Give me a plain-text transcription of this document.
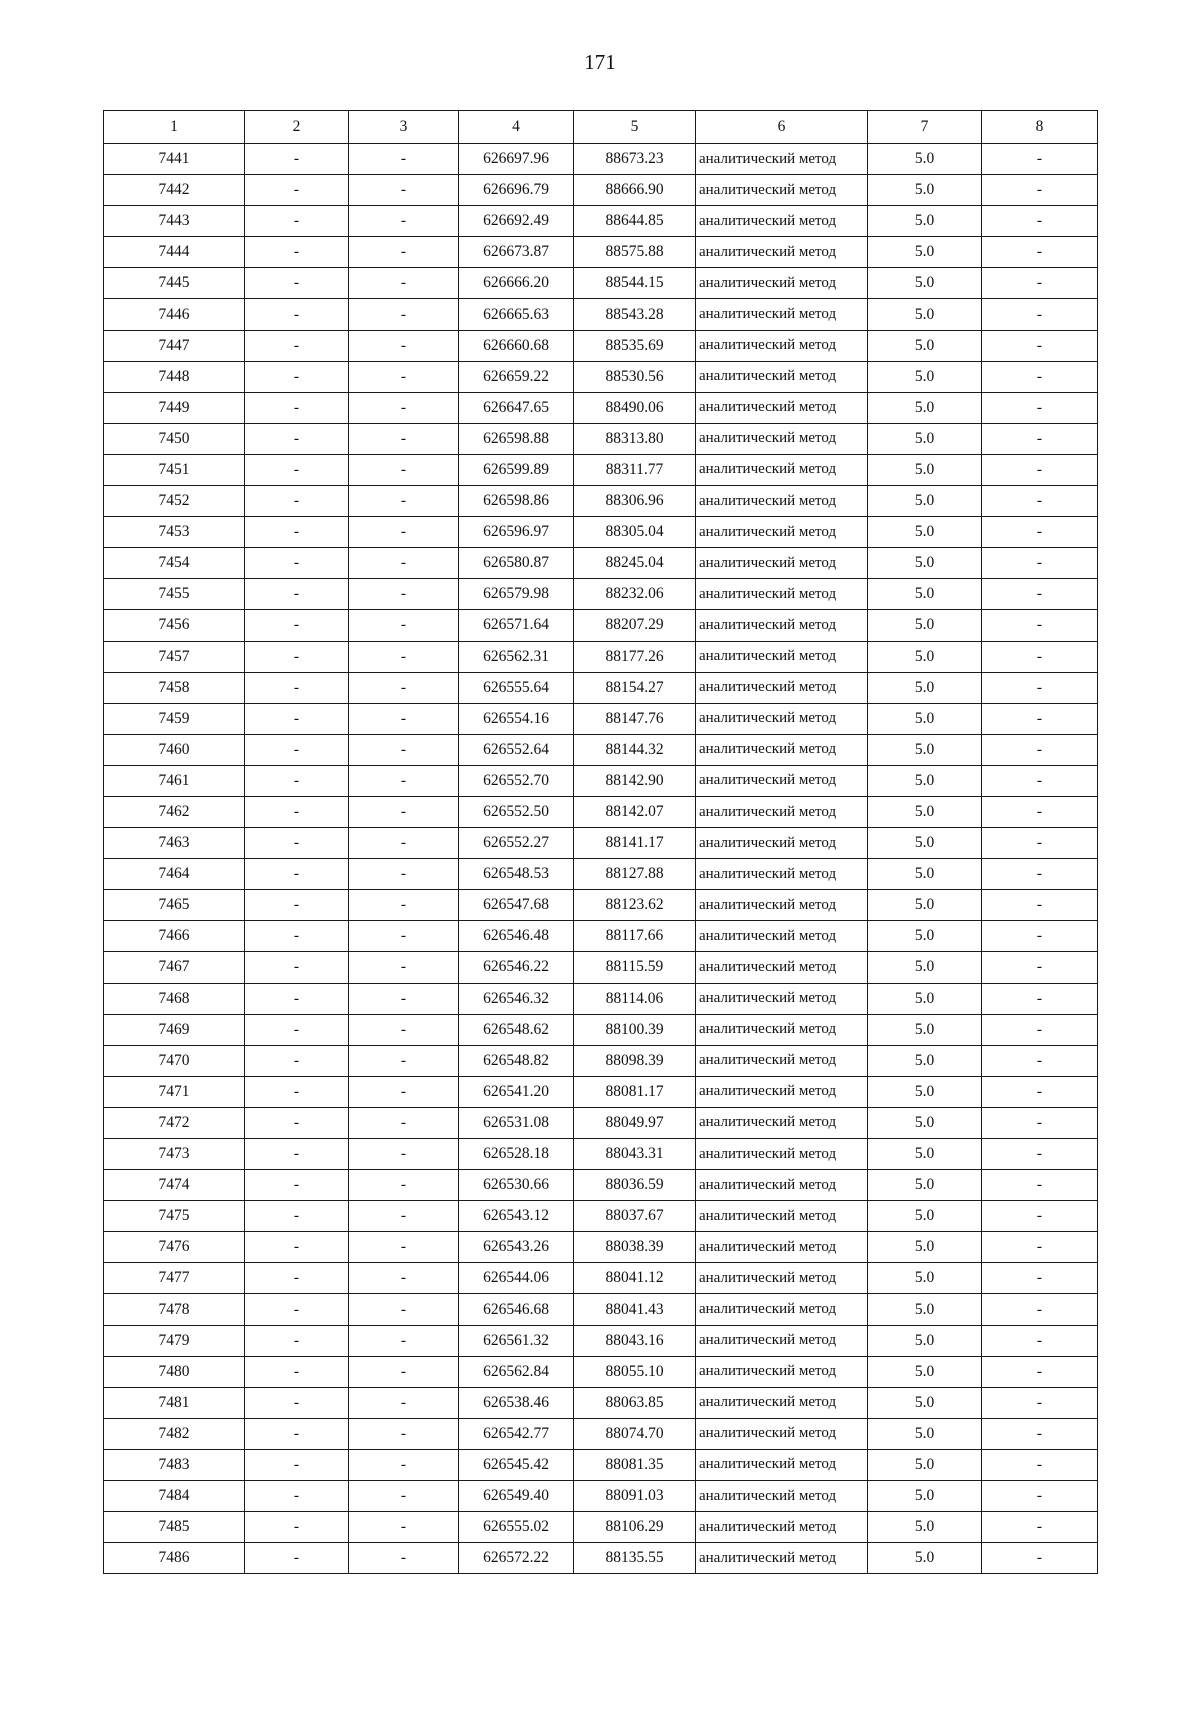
171
1	2	3	4	5	6	7	8
7441	-	-	626697.96	88673.23	аналитический метод	5.0	-
7442	-	-	626696.79	88666.90	аналитический метод	5.0	-
7443	-	-	626692.49	88644.85	аналитический метод	5.0	-
7444	-	-	626673.87	88575.88	аналитический метод	5.0	-
7445	-	-	626666.20	88544.15	аналитический метод	5.0	-
7446	-	-	626665.63	88543.28	аналитический метод	5.0	-
7447	-	-	626660.68	88535.69	аналитический метод	5.0	-
7448	-	-	626659.22	88530.56	аналитический метод	5.0	-
7449	-	-	626647.65	88490.06	аналитический метод	5.0	-
7450	-	-	626598.88	88313.80	аналитический метод	5.0	-
7451	-	-	626599.89	88311.77	аналитический метод	5.0	-
7452	-	-	626598.86	88306.96	аналитический метод	5.0	-
7453	-	-	626596.97	88305.04	аналитический метод	5.0	-
7454	-	-	626580.87	88245.04	аналитический метод	5.0	-
7455	-	-	626579.98	88232.06	аналитический метод	5.0	-
7456	-	-	626571.64	88207.29	аналитический метод	5.0	-
7457	-	-	626562.31	88177.26	аналитический метод	5.0	-
7458	-	-	626555.64	88154.27	аналитический метод	5.0	-
7459	-	-	626554.16	88147.76	аналитический метод	5.0	-
7460	-	-	626552.64	88144.32	аналитический метод	5.0	-
7461	-	-	626552.70	88142.90	аналитический метод	5.0	-
7462	-	-	626552.50	88142.07	аналитический метод	5.0	-
7463	-	-	626552.27	88141.17	аналитический метод	5.0	-
7464	-	-	626548.53	88127.88	аналитический метод	5.0	-
7465	-	-	626547.68	88123.62	аналитический метод	5.0	-
7466	-	-	626546.48	88117.66	аналитический метод	5.0	-
7467	-	-	626546.22	88115.59	аналитический метод	5.0	-
7468	-	-	626546.32	88114.06	аналитический метод	5.0	-
7469	-	-	626548.62	88100.39	аналитический метод	5.0	-
7470	-	-	626548.82	88098.39	аналитический метод	5.0	-
7471	-	-	626541.20	88081.17	аналитический метод	5.0	-
7472	-	-	626531.08	88049.97	аналитический метод	5.0	-
7473	-	-	626528.18	88043.31	аналитический метод	5.0	-
7474	-	-	626530.66	88036.59	аналитический метод	5.0	-
7475	-	-	626543.12	88037.67	аналитический метод	5.0	-
7476	-	-	626543.26	88038.39	аналитический метод	5.0	-
7477	-	-	626544.06	88041.12	аналитический метод	5.0	-
7478	-	-	626546.68	88041.43	аналитический метод	5.0	-
7479	-	-	626561.32	88043.16	аналитический метод	5.0	-
7480	-	-	626562.84	88055.10	аналитический метод	5.0	-
7481	-	-	626538.46	88063.85	аналитический метод	5.0	-
7482	-	-	626542.77	88074.70	аналитический метод	5.0	-
7483	-	-	626545.42	88081.35	аналитический метод	5.0	-
7484	-	-	626549.40	88091.03	аналитический метод	5.0	-
7485	-	-	626555.02	88106.29	аналитический метод	5.0	-
7486	-	-	626572.22	88135.55	аналитический метод	5.0	-
